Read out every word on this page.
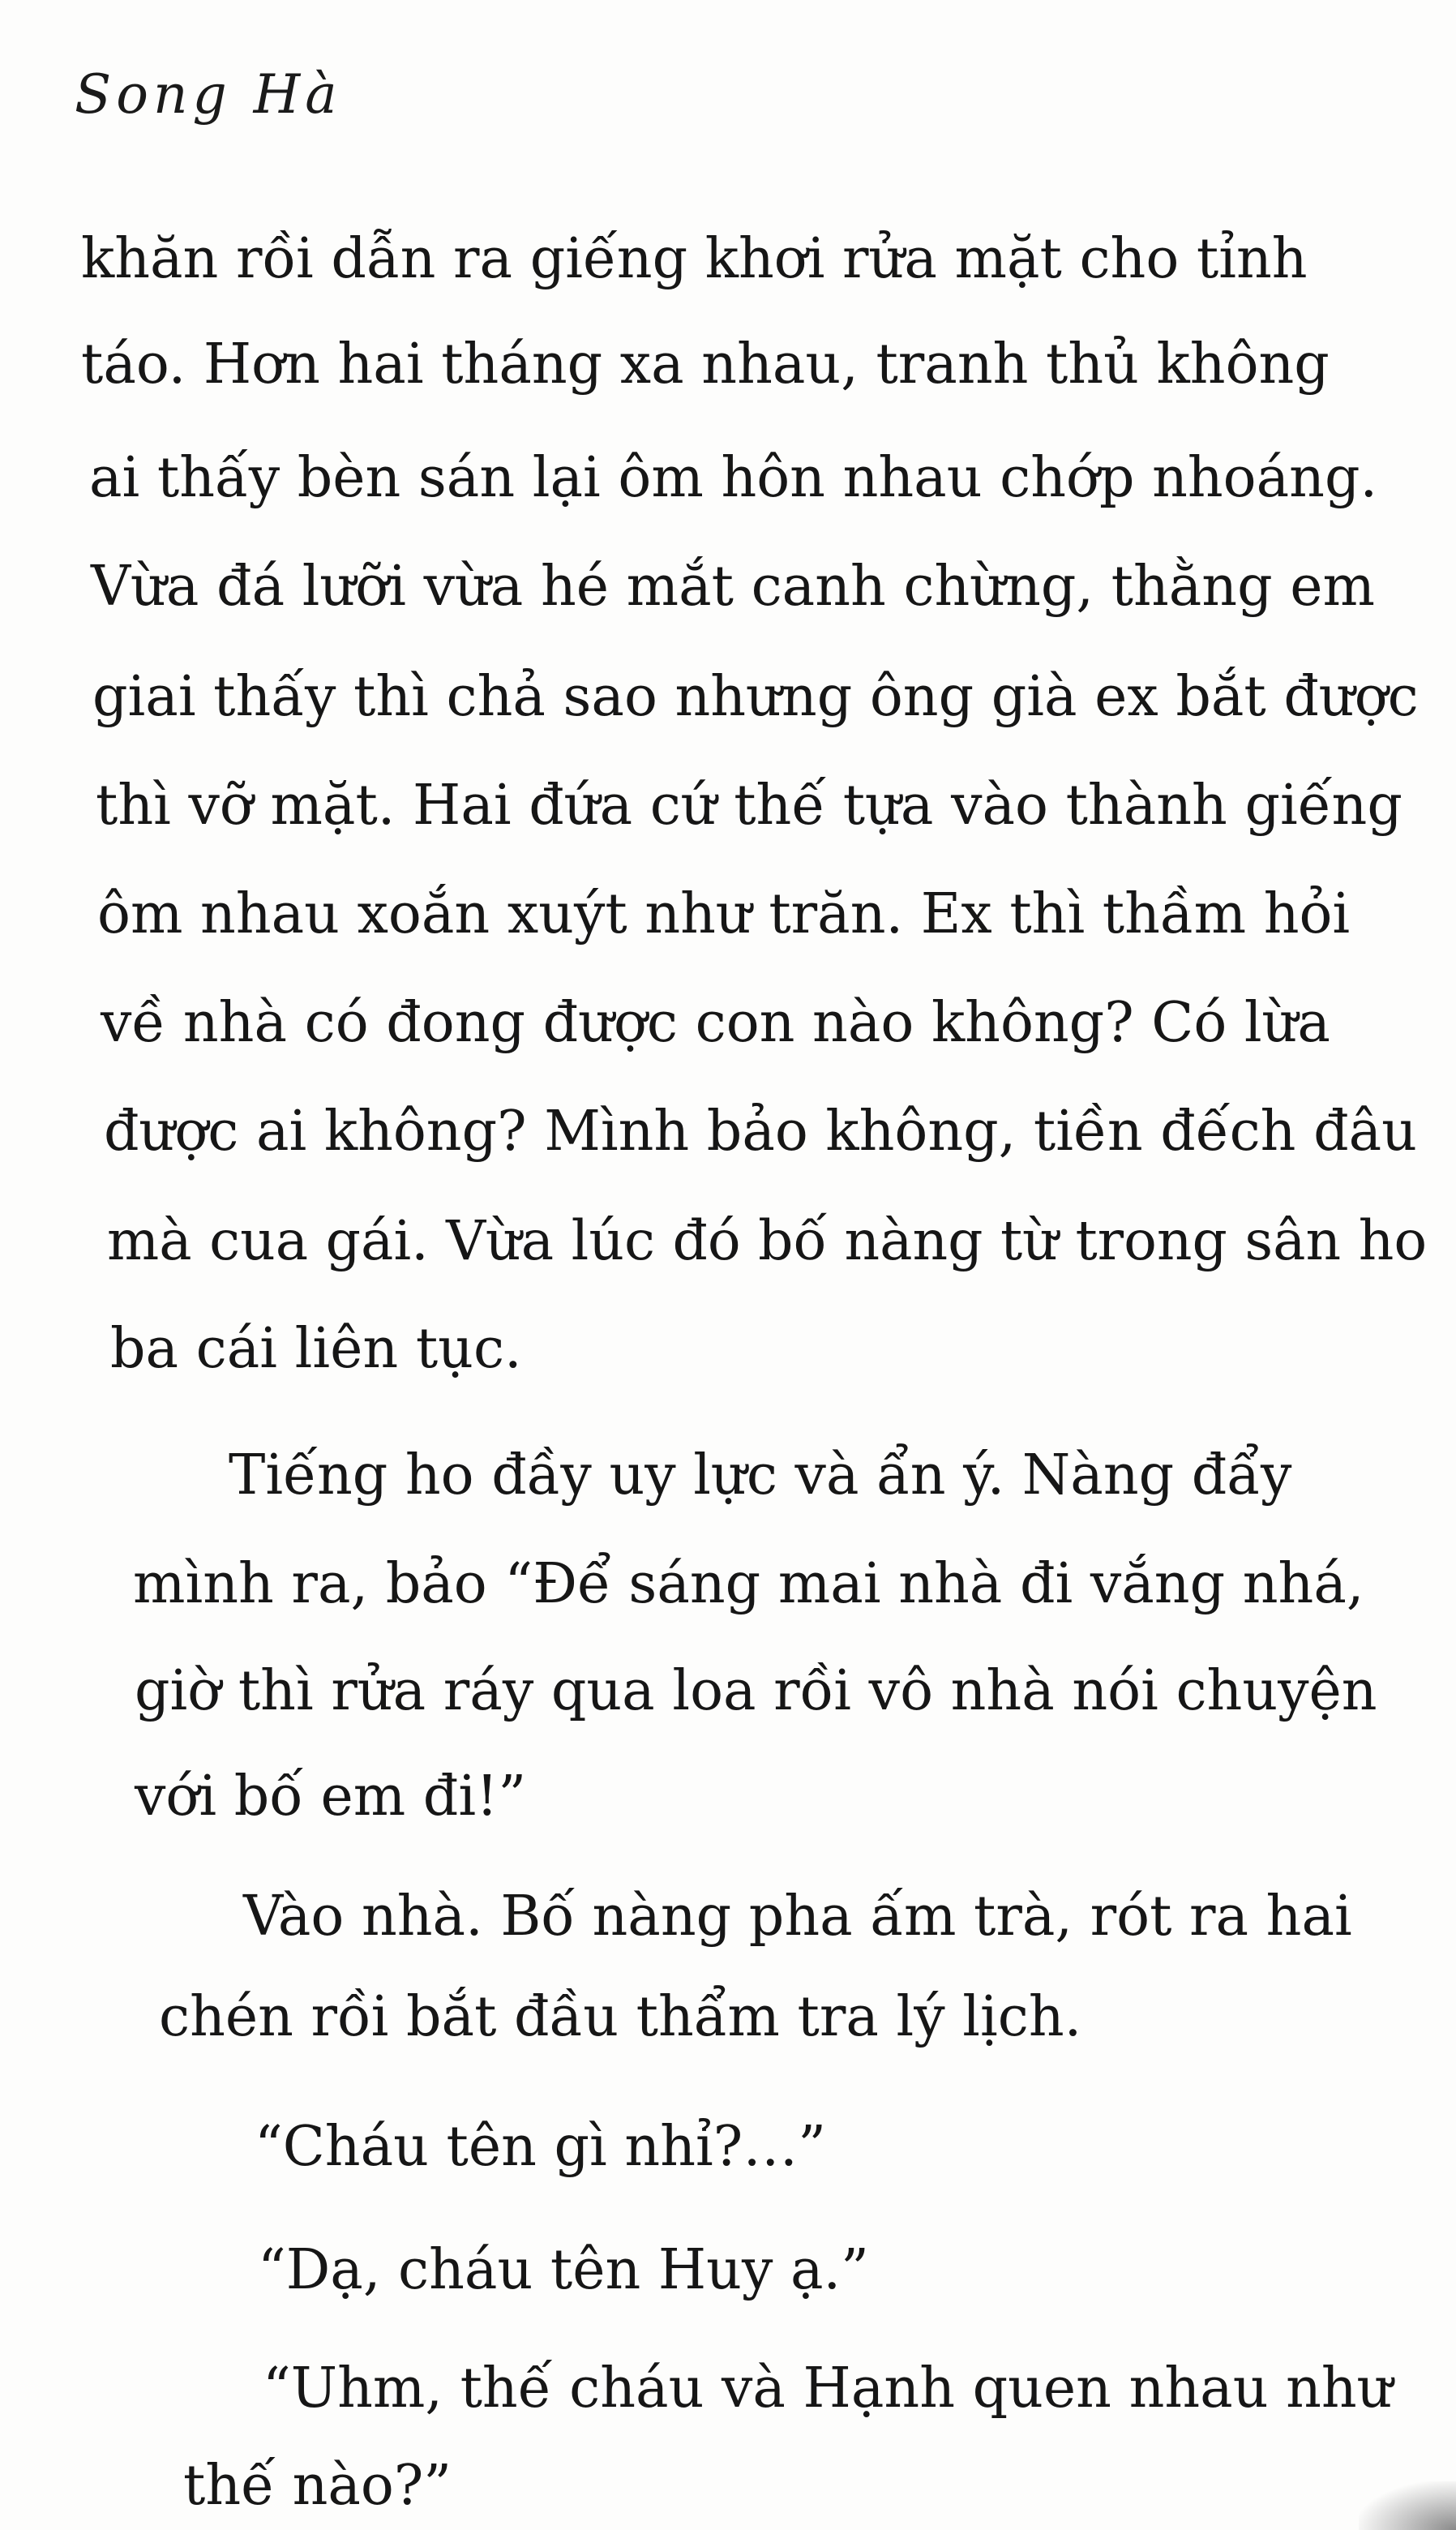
Song Hà
khăn rồi dẫn ra giếng khơi rửa mặt cho tỉnh
táo. Hơn hai tháng xa nhau, tranh thủ không
ai thấy bèn sán lại ôm hôn nhau chớp nhoáng.
Vừa đá lưỡi vừa hé mắt canh chừng, thằng em
giai thấy thì chả sao nhưng ông già ex bắt được
thì vỡ mặt. Hai đứa cứ thế tựa vào thành giếng
ôm nhau xoắn xuýt như trăn. Ex thì thầm hỏi
về nhà có đong được con nào không? Có lừa
được ai không? Mình bảo không, tiền đếch đâu
mà cua gái. Vừa lúc đó bố nàng từ trong sân ho
ba cái liên tục.
Tiếng ho đầy uy lực và ẩn ý. Nàng đẩy
mình ra, bảo “Để sáng mai nhà đi vắng nhá,
giờ thì rửa ráy qua loa rồi vô nhà nói chuyện
với bố em đi!”
Vào nhà. Bố nàng pha ấm trà, rót ra hai
chén rồi bắt đầu thẩm tra lý lịch.
“Cháu tên gì nhỉ?…”
“Dạ, cháu tên Huy ạ.”
“Uhm, thế cháu và Hạnh quen nhau như
thế nào?”
